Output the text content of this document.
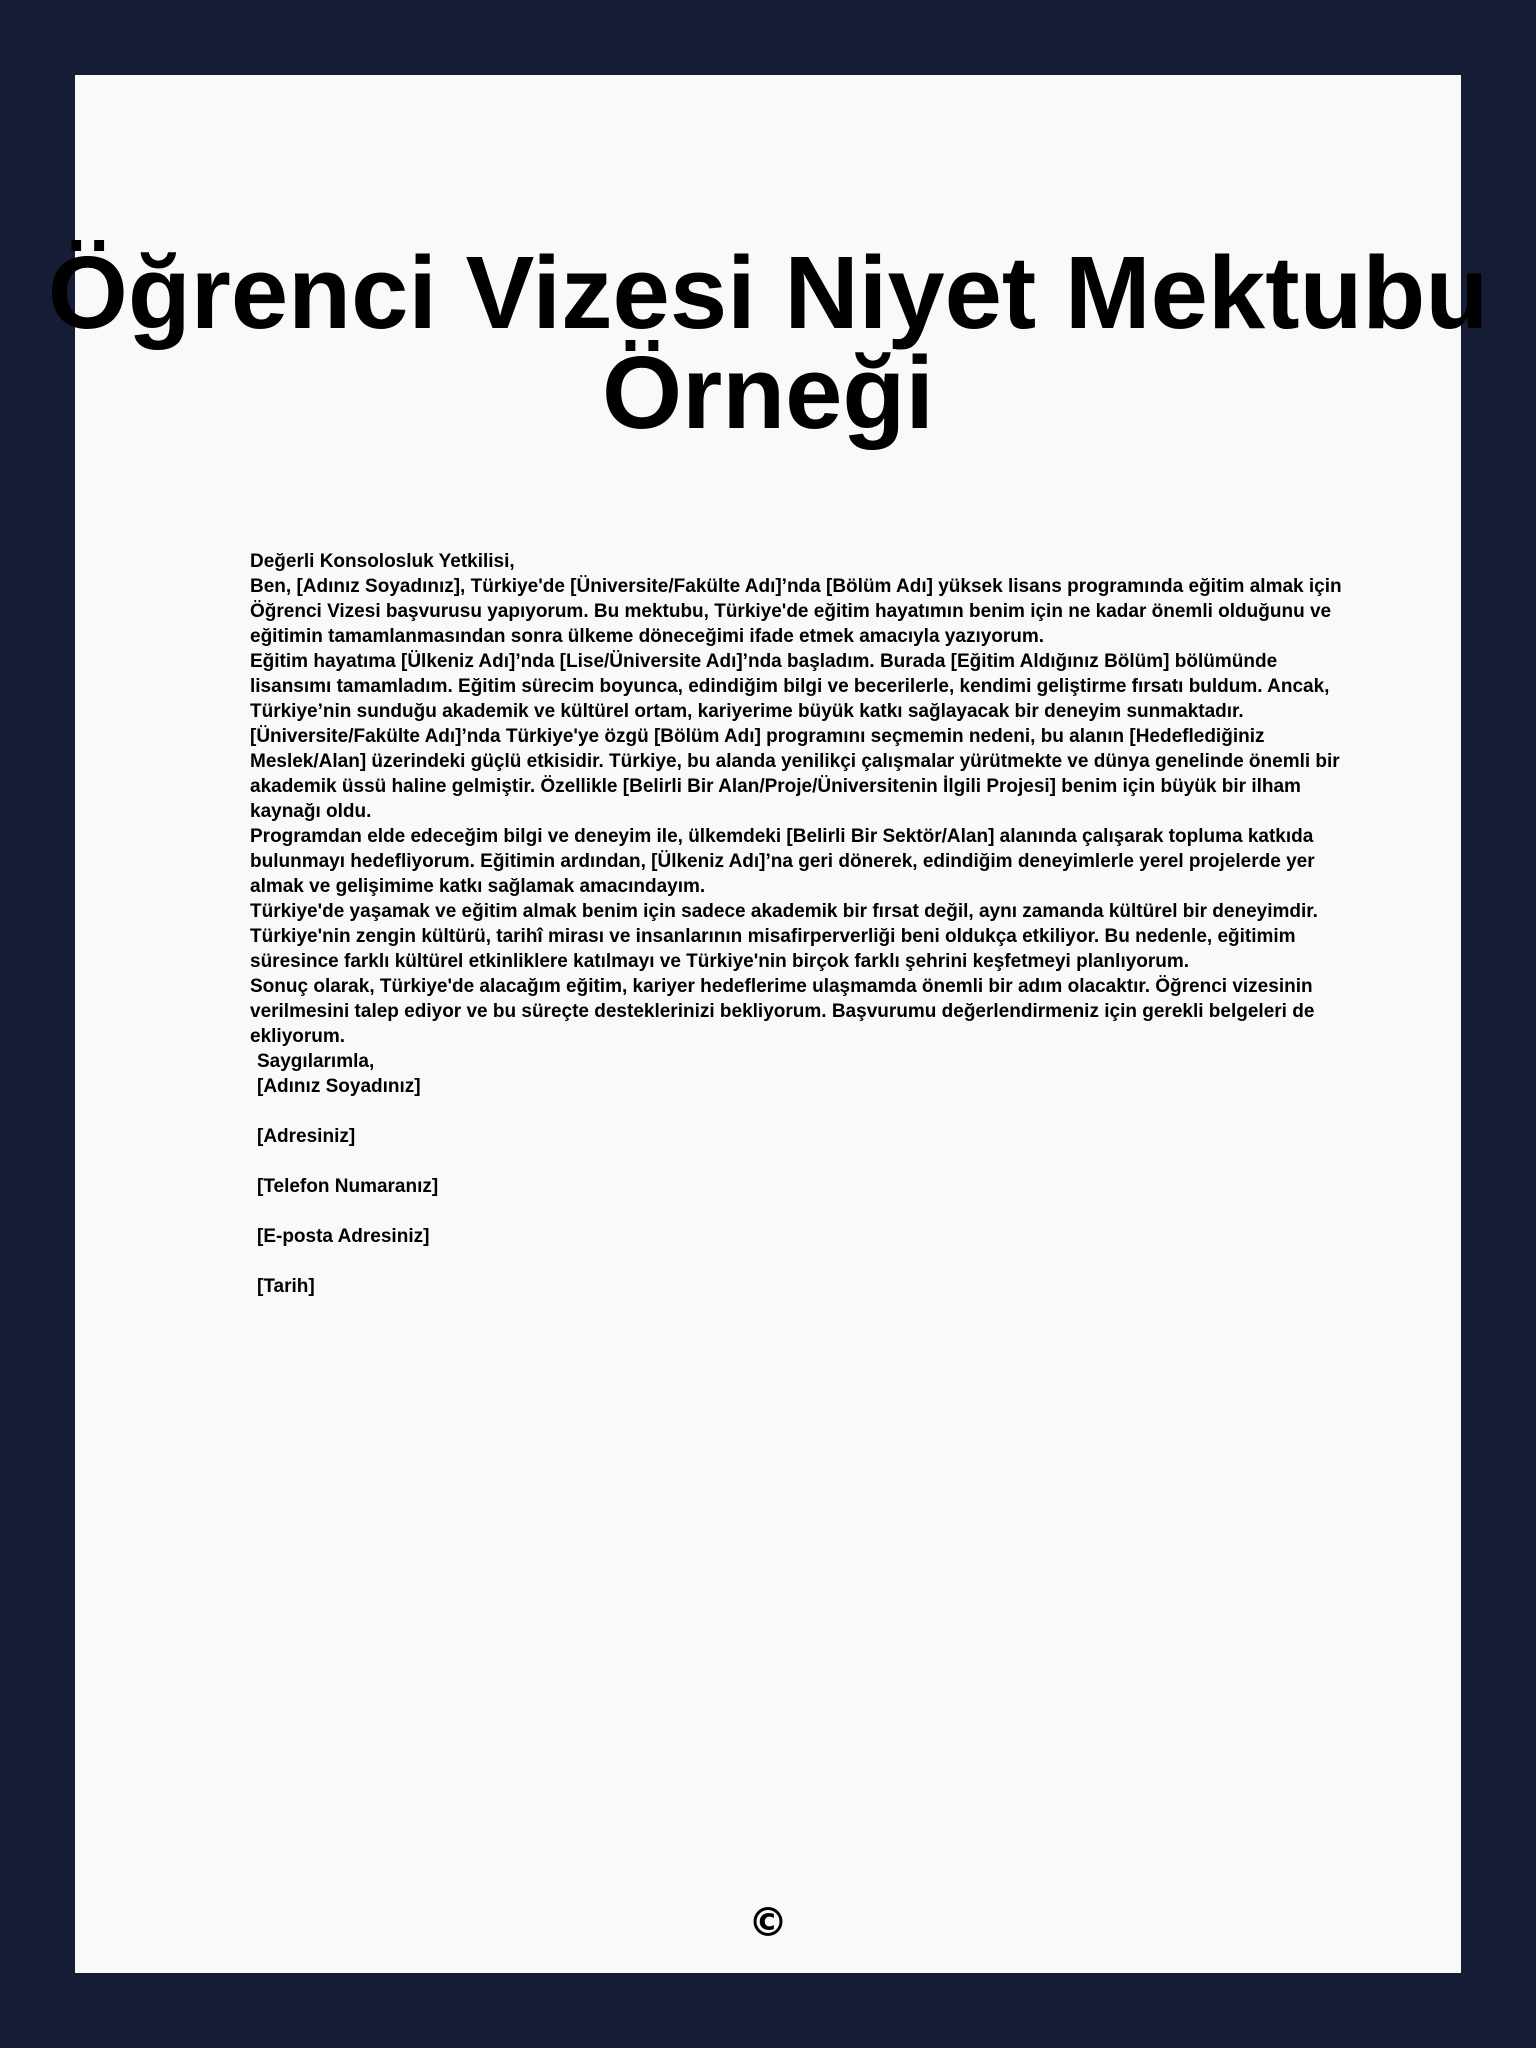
Öğrenci Vizesi Niyet Mektubu
Örneği

Değerli Konsolosluk Yetkilisi,

Ben, [Adınız Soyadınız], Türkiye'de [Üniversite/Fakülte Adı]’nda [Bölüm Adı] yüksek lisans programında eğitim almak için Öğrenci Vizesi başvurusu yapıyorum. Bu mektubu, Türkiye'de eğitim hayatımın benim için ne kadar önemli olduğunu ve eğitimin tamamlanmasından sonra ülkeme döneceğimi ifade etmek amacıyla yazıyorum.

Eğitim hayatıma [Ülkeniz Adı]’nda [Lise/Üniversite Adı]’nda başladım. Burada [Eğitim Aldığınız Bölüm] bölümünde lisansımı tamamladım. Eğitim sürecim boyunca, edindiğim bilgi ve becerilerle, kendimi geliştirme fırsatı buldum. Ancak, Türkiye’nin sunduğu akademik ve kültürel ortam, kariyerime büyük katkı sağlayacak bir deneyim sunmaktadır.

[Üniversite/Fakülte Adı]’nda Türkiye'ye özgü [Bölüm Adı] programını seçmemin nedeni, bu alanın [Hedeflediğiniz Meslek/Alan] üzerindeki güçlü etkisidir. Türkiye, bu alanda yenilikçi çalışmalar yürütmekte ve dünya genelinde önemli bir akademik üssü haline gelmiştir. Özellikle [Belirli Bir Alan/Proje/Üniversitenin İlgili Projesi] benim için büyük bir ilham kaynağı oldu.

Programdan elde edeceğim bilgi ve deneyim ile, ülkemdeki [Belirli Bir Sektör/Alan] alanında çalışarak topluma katkıda bulunmayı hedefliyorum. Eğitimin ardından, [Ülkeniz Adı]’na geri dönerek, edindiğim deneyimlerle yerel projelerde yer almak ve gelişimime katkı sağlamak amacındayım.

Türkiye'de yaşamak ve eğitim almak benim için sadece akademik bir fırsat değil, aynı zamanda kültürel bir deneyimdir. Türkiye'nin zengin kültürü, tarihî mirası ve insanlarının misafirperverliği beni oldukça etkiliyor. Bu nedenle, eğitimim süresince farklı kültürel etkinliklere katılmayı ve Türkiye'nin birçok farklı şehrini keşfetmeyi planlıyorum.

Sonuç olarak, Türkiye'de alacağım eğitim, kariyer hedeflerime ulaşmamda önemli bir adım olacaktır. Öğrenci vizesinin verilmesini talep ediyor ve bu süreçte desteklerinizi bekliyorum. Başvurumu değerlendirmeniz için gerekli belgeleri de ekliyorum.

Saygılarımla,

[Adınız Soyadınız]

[Adresiniz]

[Telefon Numaranız]

[E-posta Adresiniz]

[Tarih]

©
